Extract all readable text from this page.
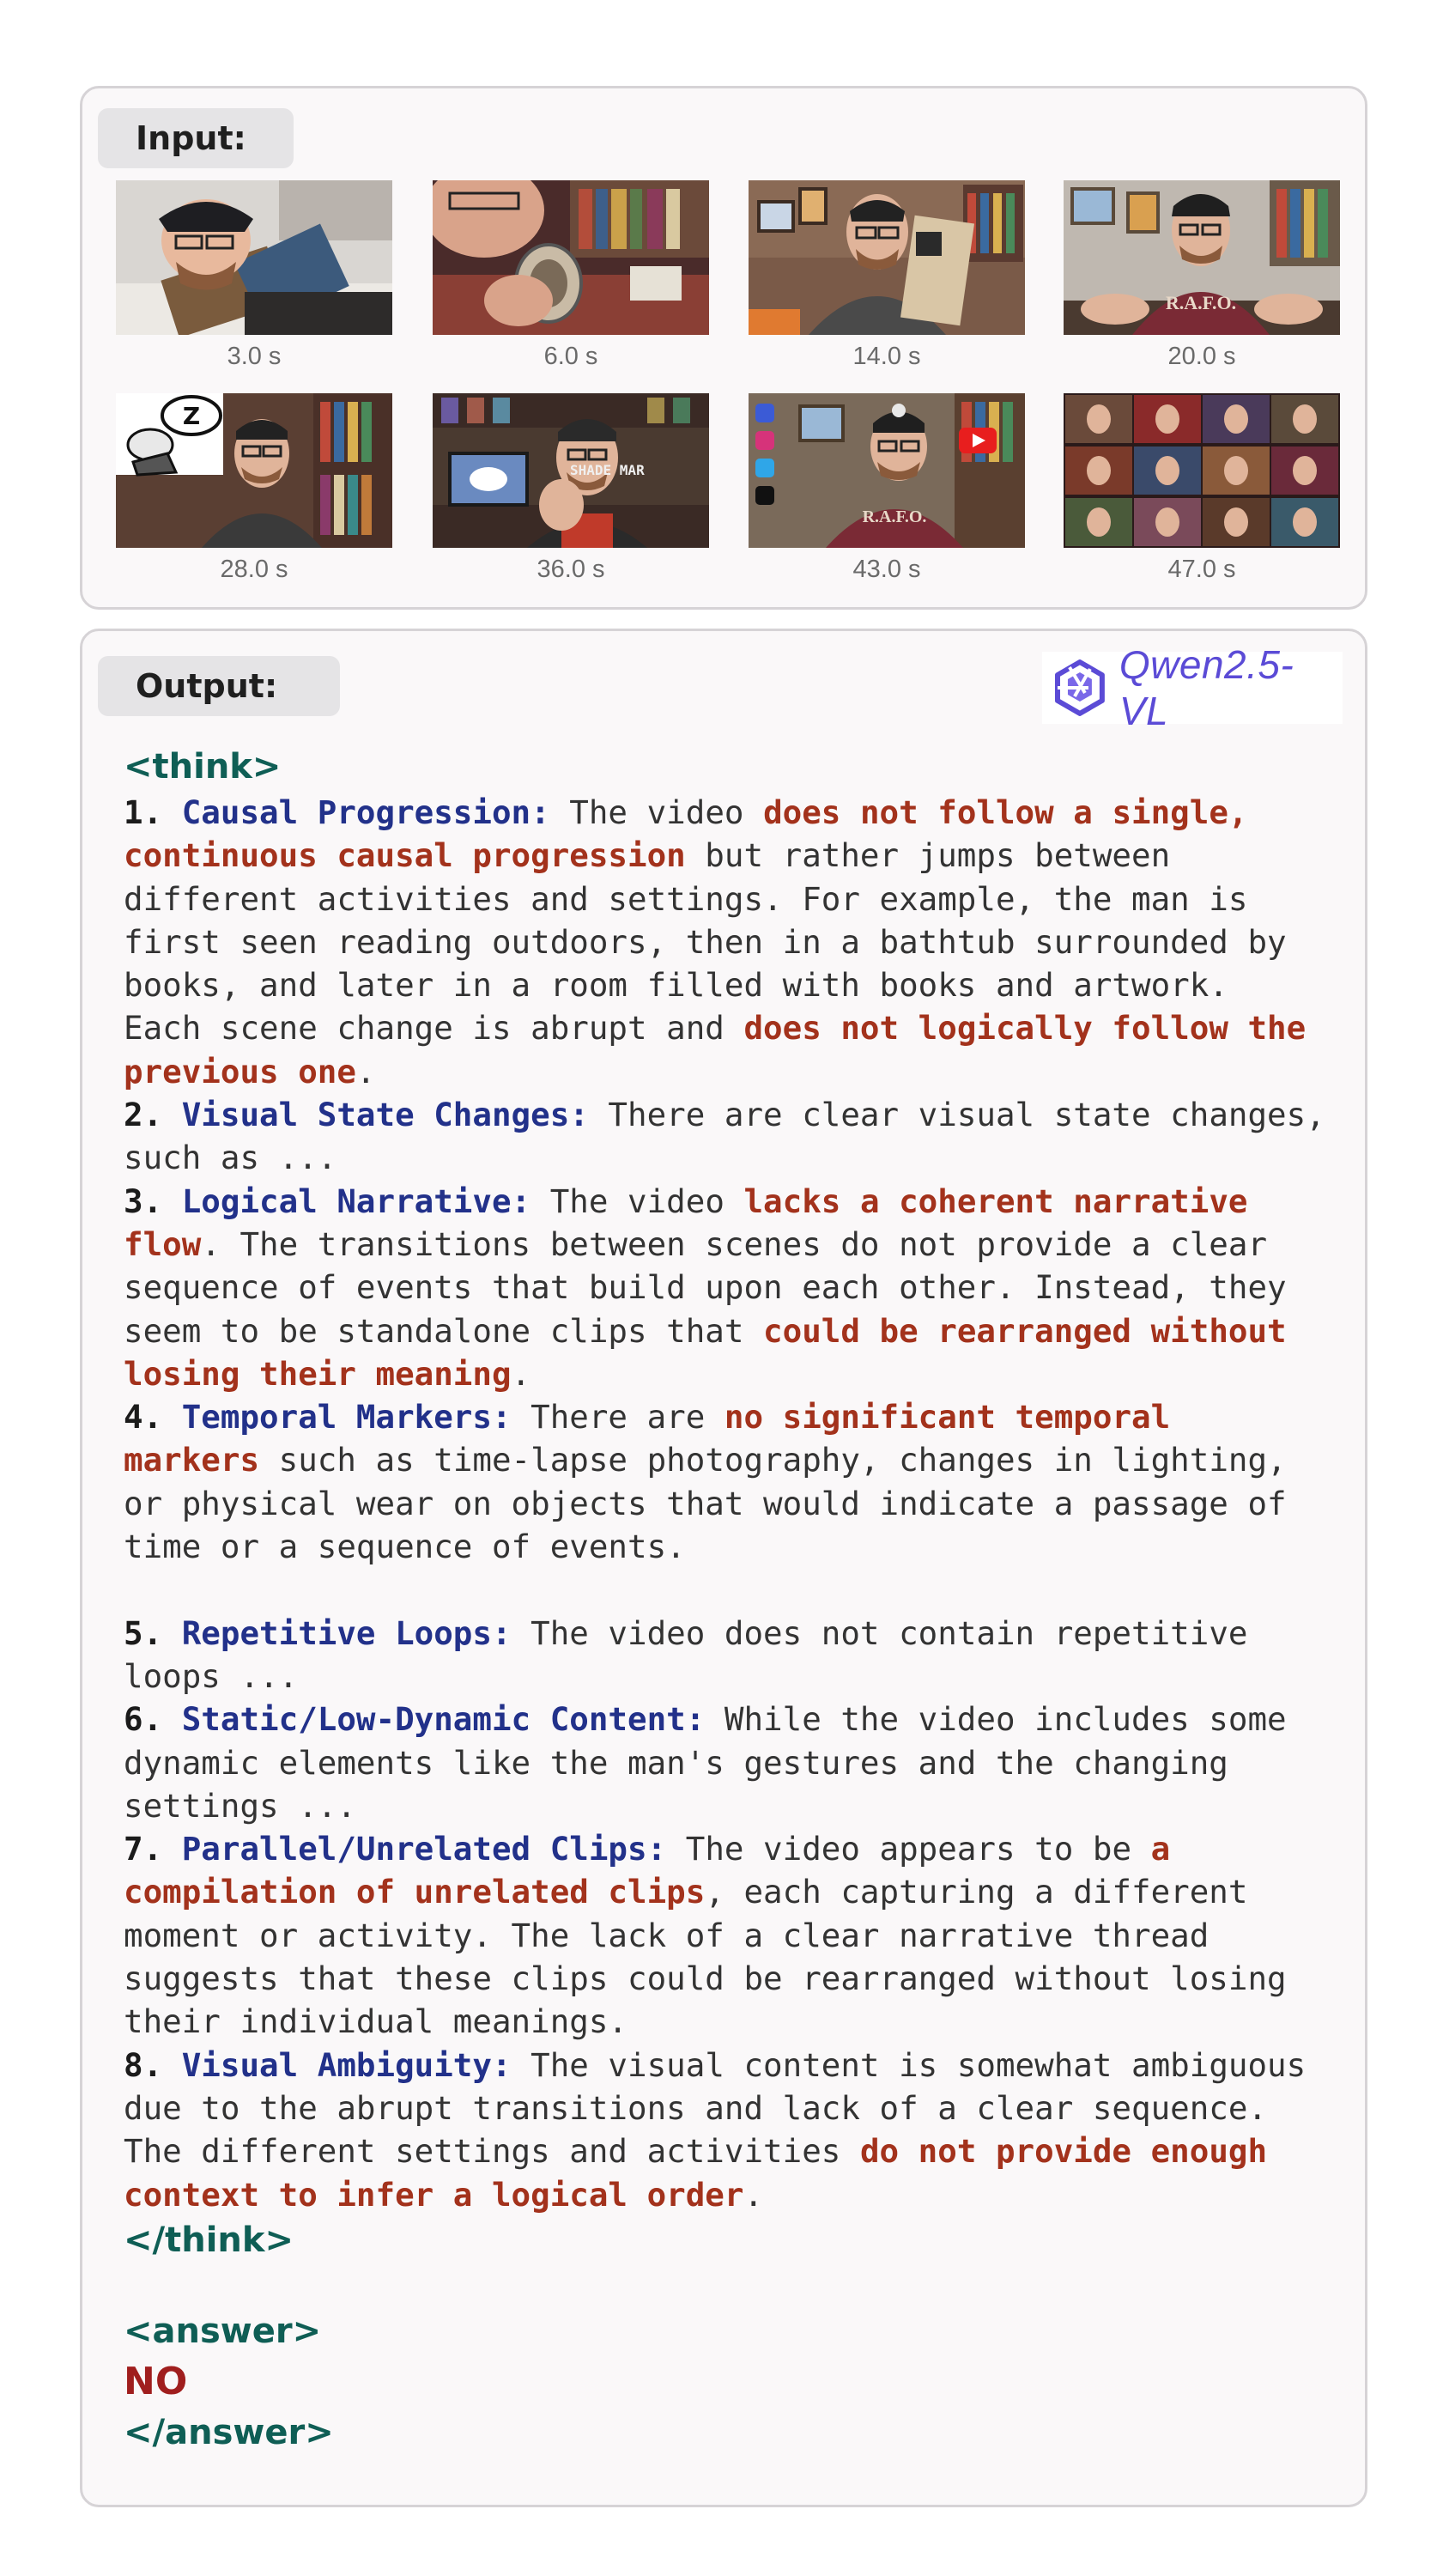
Input:
3.0 s	6.0 s	14.0 s
R.A.F.O.
20.0 s
Z
28.0 s
SHADE MAR
36.0 s
R.A.F.O.
43.0 s	47.0 s
Output:	Qwen2.5-VL
<think>
1. Causal Progression: The video does not follow a single,
continuous causal progression but rather jumps between
different activities and settings. For example, the man is
first seen reading outdoors, then in a bathtub surrounded by
books, and later in a room filled with books and artwork.
Each scene change is abrupt and does not logically follow the
previous one.
2. Visual State Changes: There are clear visual state changes,
such as ...
3. Logical Narrative: The video lacks a coherent narrative
flow. The transitions between scenes do not provide a clear
sequence of events that build upon each other. Instead, they
seem to be standalone clips that could be rearranged without
losing their meaning.
4. Temporal Markers: There are no significant temporal
markers such as time-lapse photography, changes in lighting,
or physical wear on objects that would indicate a passage of
time or a sequence of events.

5. Repetitive Loops: The video does not contain repetitive
loops ...
6. Static/Low-Dynamic Content: While the video includes some
dynamic elements like the man's gestures and the changing
settings ...
7. Parallel/Unrelated Clips: The video appears to be a
compilation of unrelated clips, each capturing a different
moment or activity. The lack of a clear narrative thread
suggests that these clips could be rearranged without losing
their individual meanings.
8. Visual Ambiguity: The visual content is somewhat ambiguous
due to the abrupt transitions and lack of a clear sequence.
The different settings and activities do not provide enough
context to infer a logical order.
</think>
<answer>
NO
</answer>
